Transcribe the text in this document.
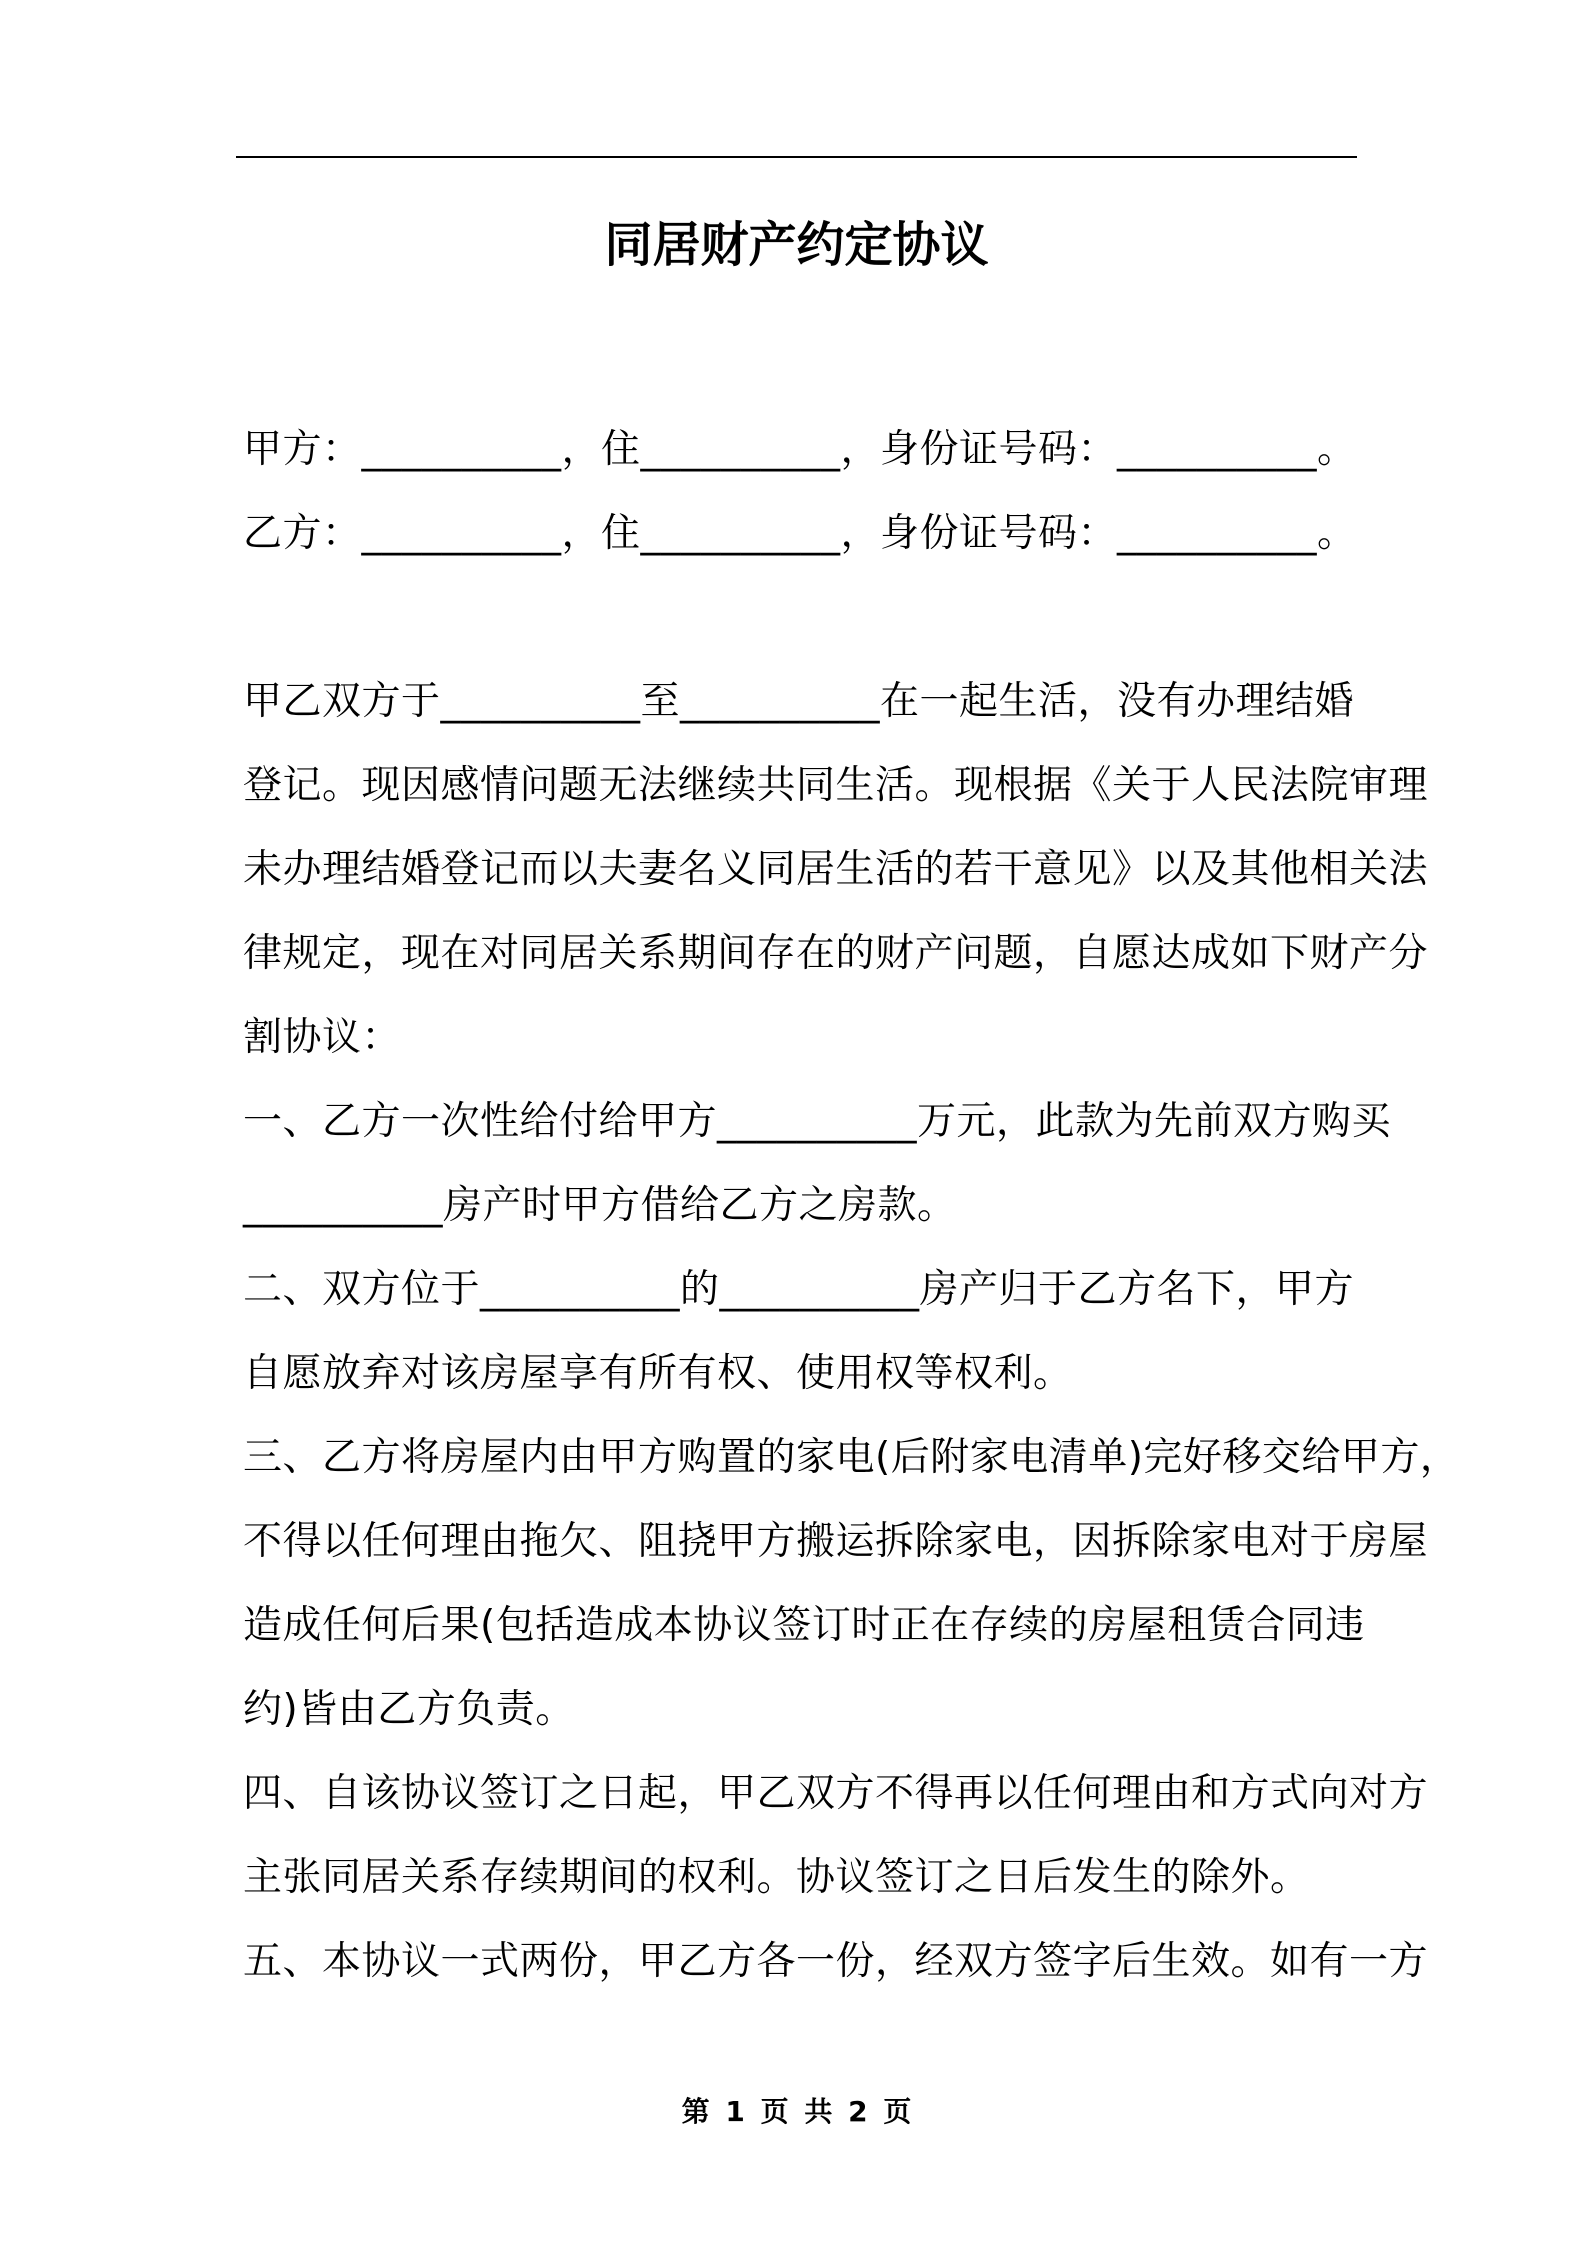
同居财产约定协议

甲方：__________，住__________，身份证号码：__________。

乙方：__________，住__________，身份证号码：__________。

甲乙双方于__________至__________在一起生活，没有办理结婚

登记。现因感情问题无法继续共同生活。现根据《关于人民法院审理

未办理结婚登记而以夫妻名义同居生活的若干意见》以及其他相关法

律规定，现在对同居关系期间存在的财产问题，自愿达成如下财产分

割协议：

一、乙方一次性给付给甲方__________万元，此款为先前双方购买

__________房产时甲方借给乙方之房款。

二、双方位于__________的__________房产归于乙方名下，甲方

自愿放弃对该房屋享有所有权、使用权等权利。

三、乙方将房屋内由甲方购置的家电(后附家电清单)完好移交给甲方，

不得以任何理由拖欠、阻挠甲方搬运拆除家电，因拆除家电对于房屋

造成任何后果(包括造成本协议签订时正在存续的房屋租赁合同违

约)皆由乙方负责。

四、自该协议签订之日起，甲乙双方不得再以任何理由和方式向对方

主张同居关系存续期间的权利。协议签订之日后发生的除外。

五、本协议一式两份，甲乙方各一份，经双方签字后生效。如有一方

第 1 页 共 2 页
